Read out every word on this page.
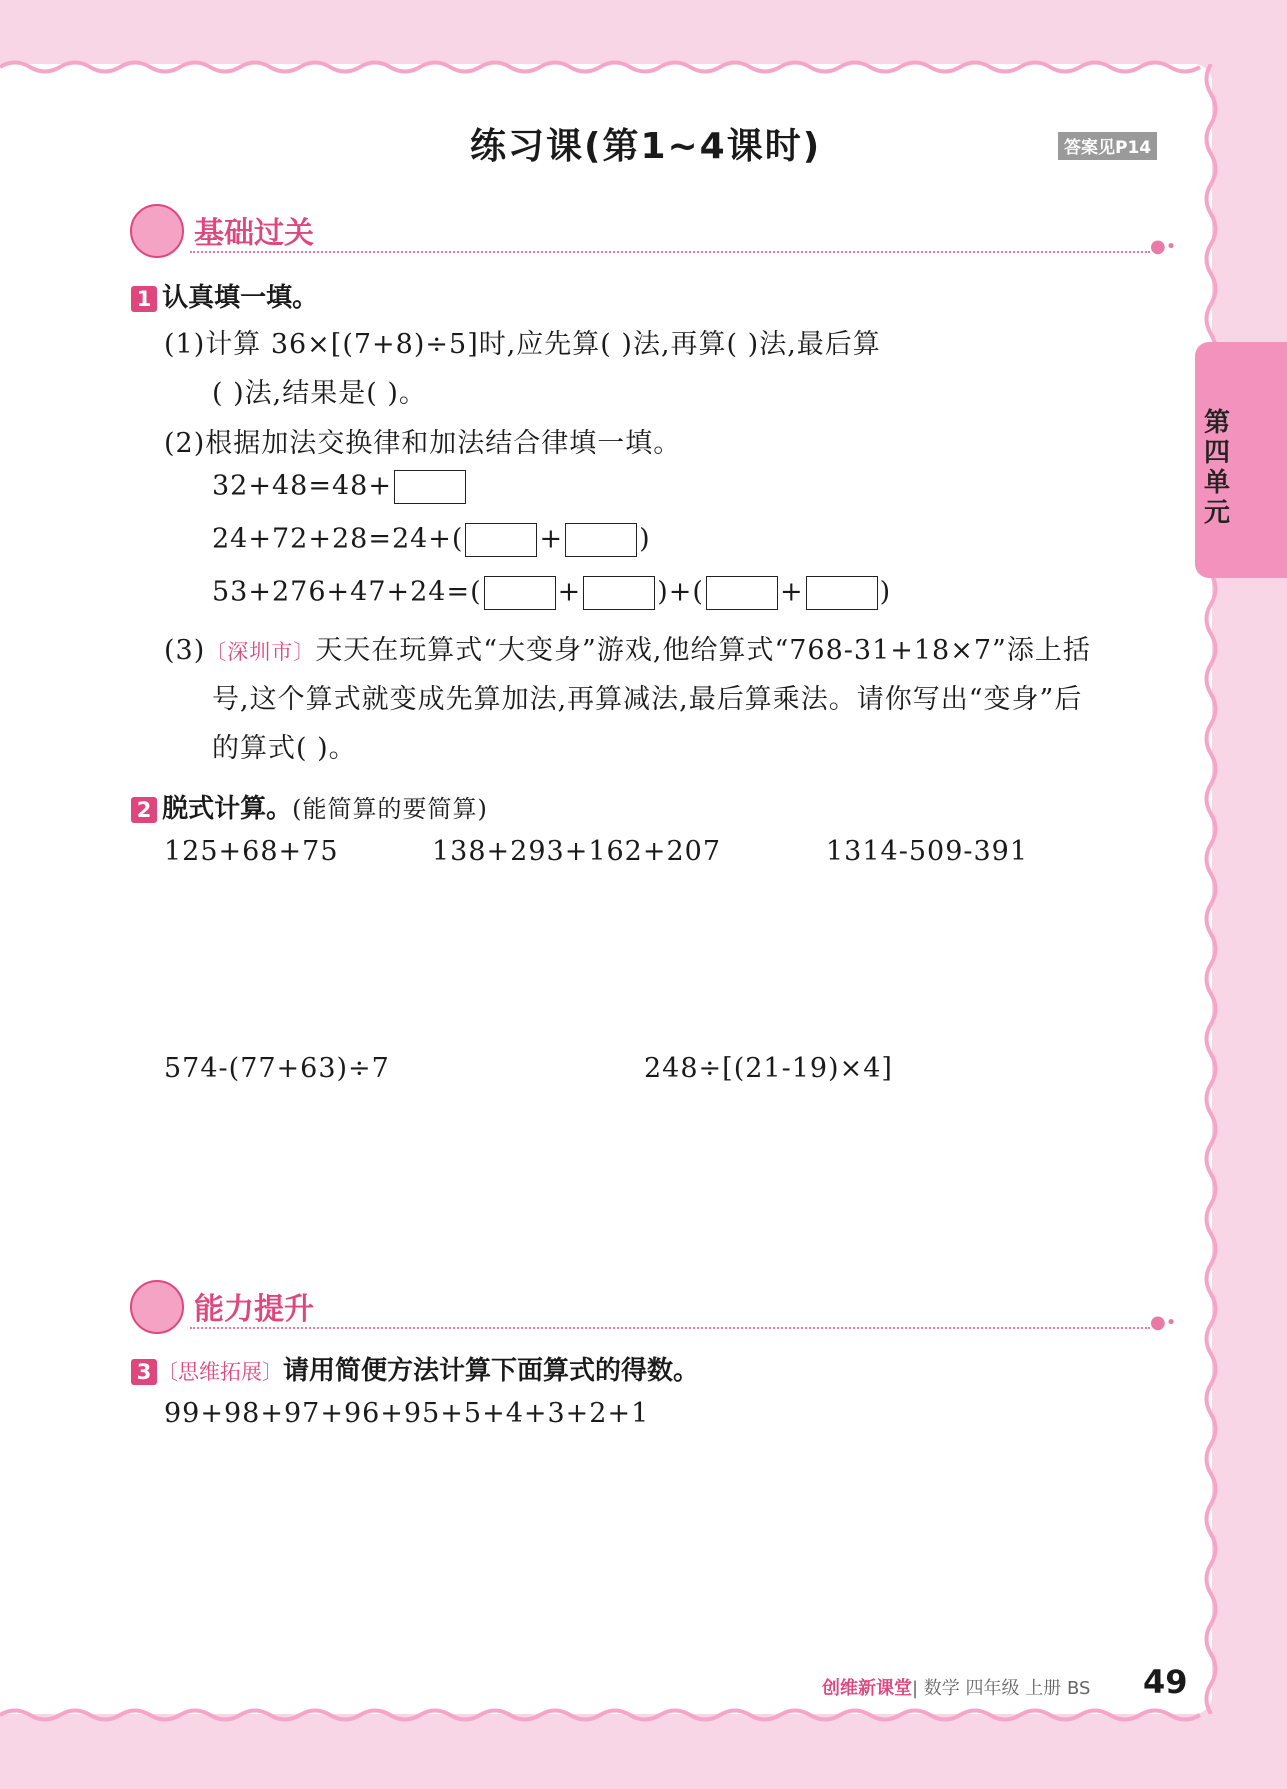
第四单元
练习课(第1~4课时)	答案见P14
基础过关	●•
1 认真填一填。
(1)计算 36×[(7+8)÷5]时,应先算( )法,再算( )法,最后算
( )法,结果是( )。
(2)根据加法交换律和加法结合律填一填。
32+48=48+
24+72+28=24+(	+	)
53+276+47+24=(	+	)+(	+	)
(3)〔深圳市〕天天在玩算式“大变身”游戏,他给算式“768-31+18×7”添上括
号,这个算式就变成先算加法,再算减法,最后算乘法。请你写出“变身”后
的算式( )。
2 脱式计算。(能简算的要简算)
125+68+75	138+293+162+207	1314-509-391
574-(77+63)÷7	248÷[(21-19)×4]
能力提升	●•
3 〔思维拓展〕请用简便方法计算下面算式的得数。
99+98+97+96+95+5+4+3+2+1
创维新课堂| 数学 四年级 上册 BS 49
